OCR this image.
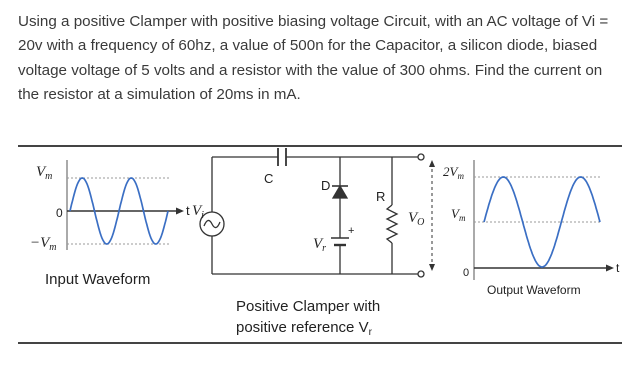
Using a positive Clamper with positive biasing voltage Circuit, with an AC voltage of Vi = 20v with a frequency of 60hz, a value of 500n for the Capacitor, a silicon diode, biased voltage voltage of 5 volts and a resistor with the value of 300 ohms. Find the current on the resistor at a simulation of 20ms in mA.

$V_m$
0
$-V_m$
t
Input Waveform
$V_i$
C	D
R
$V_r$
+
$V_O$
Positive Clamper with
positive reference $V_r$
$2V_m$
$V_m$
0	t
Output Waveform
